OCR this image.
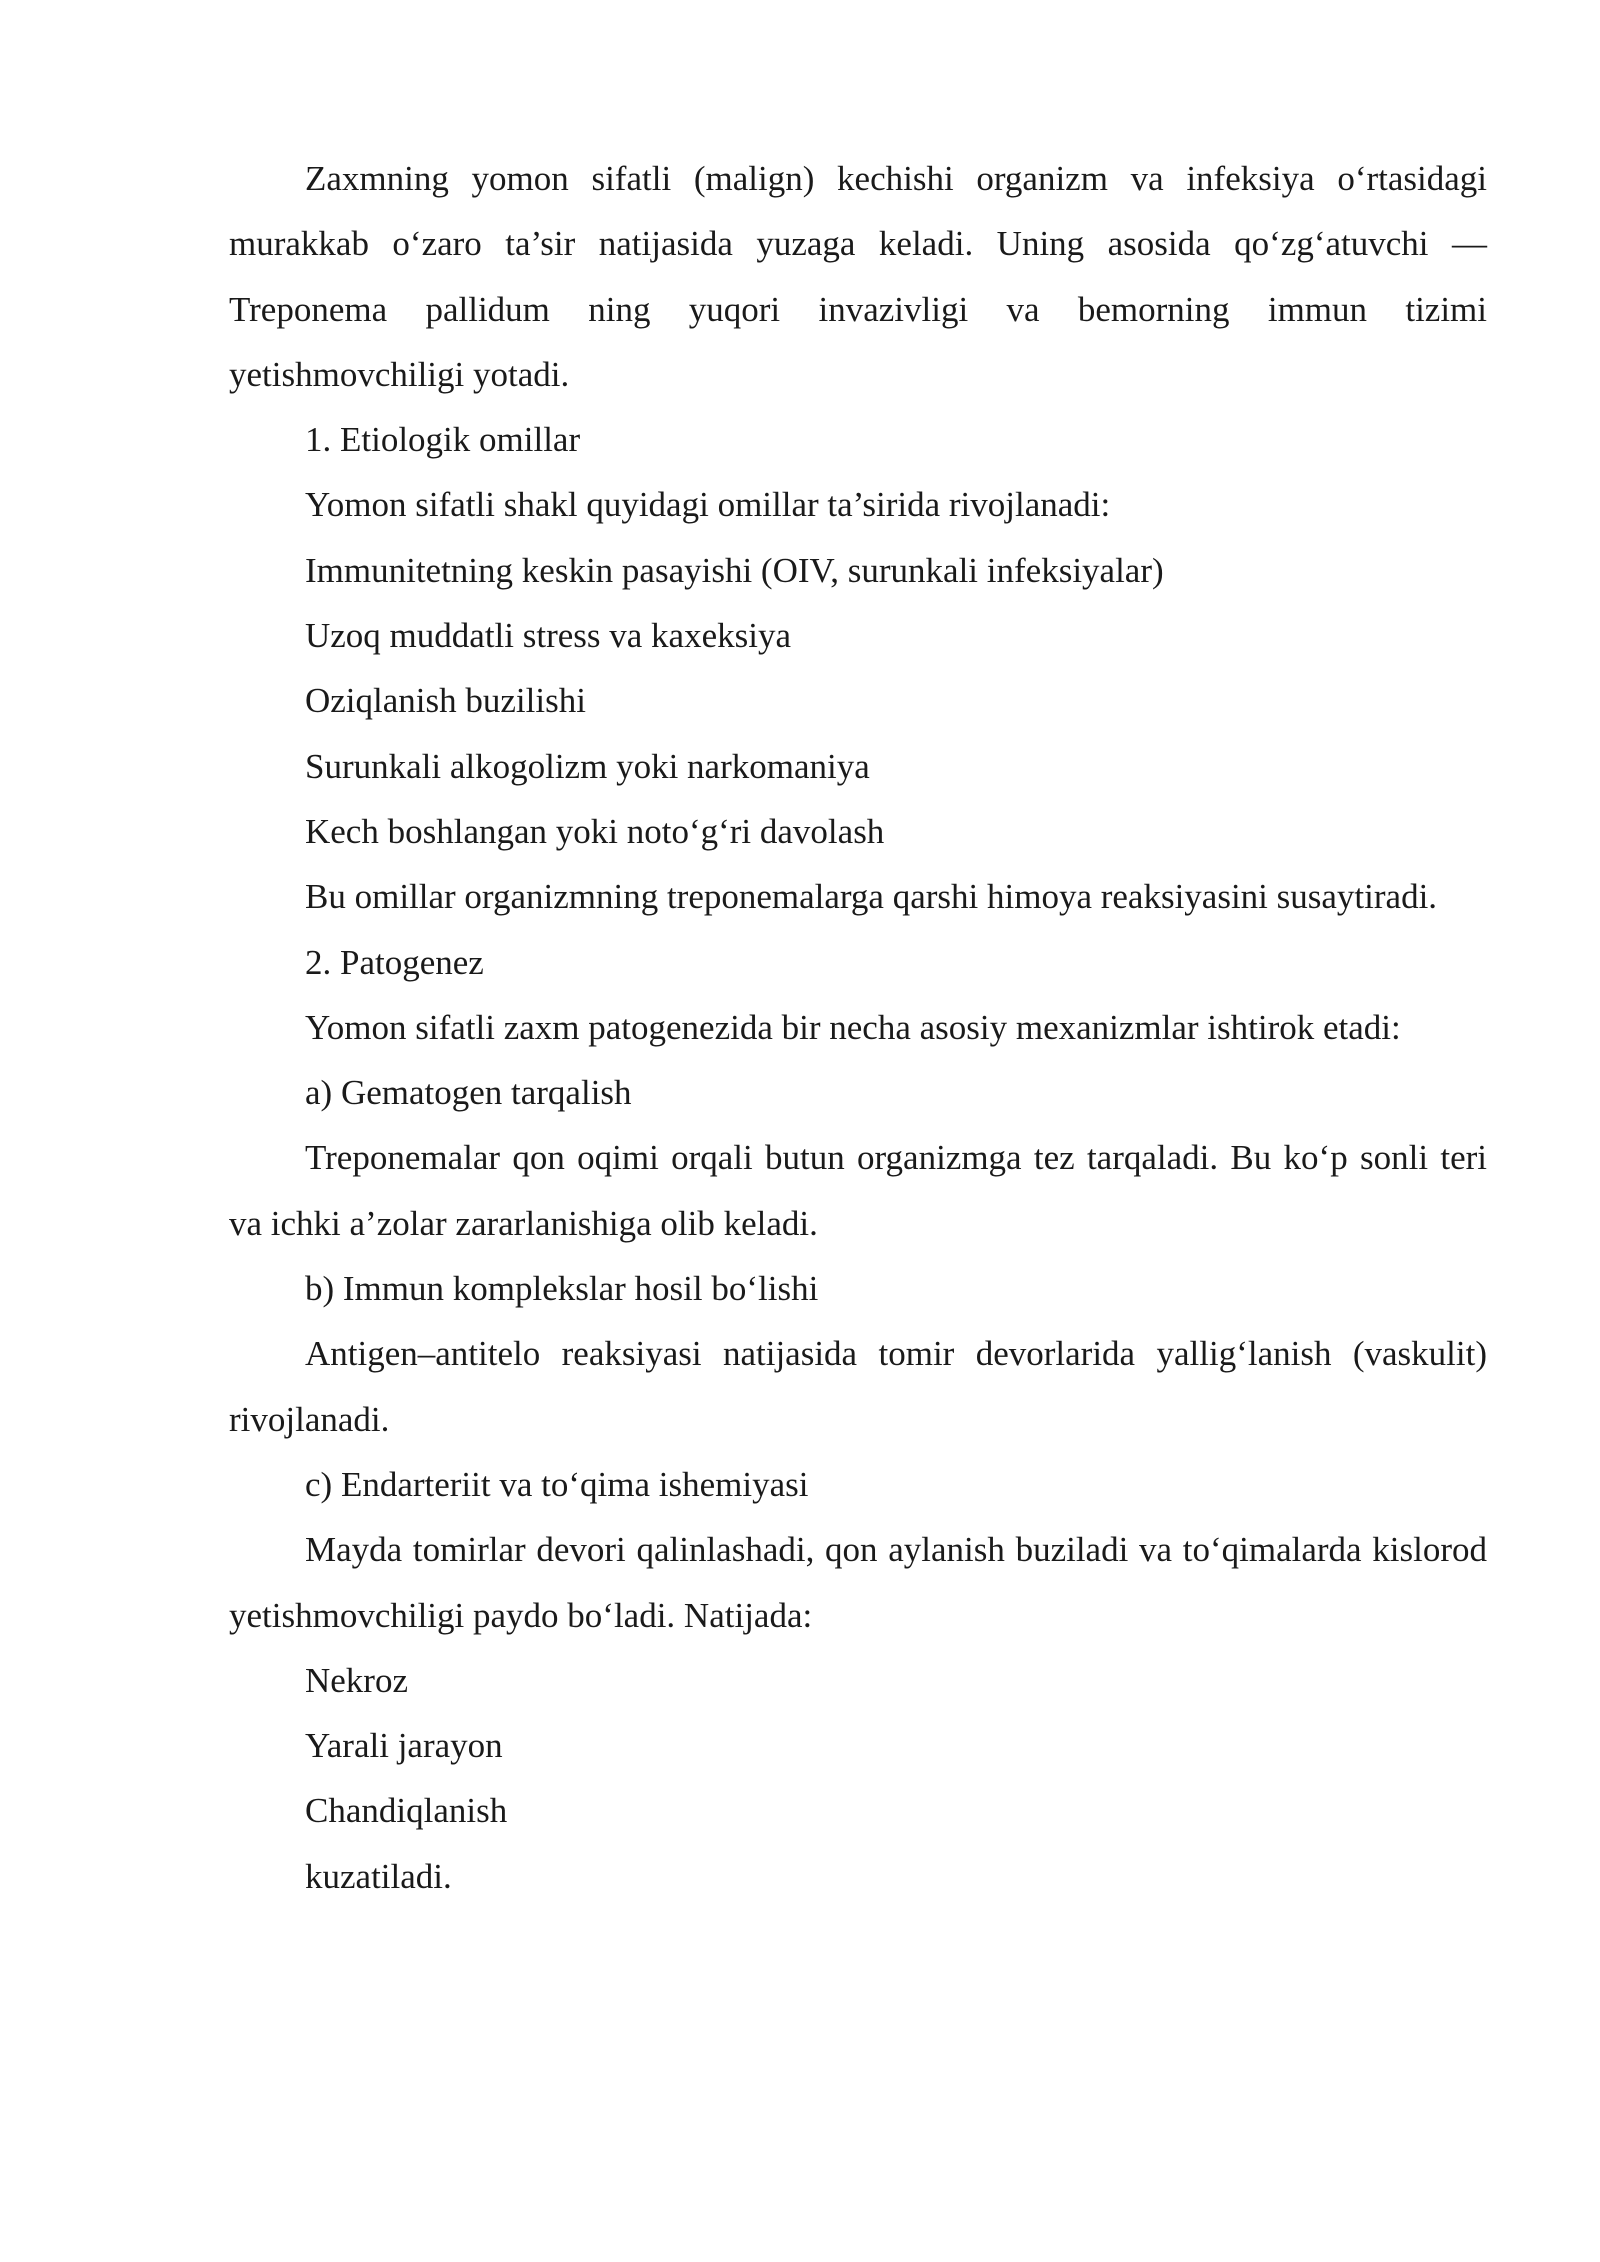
Zaxmning yomon sifatli (malign) kechishi organizm va infeksiya o‘rtasidagi murakkab o‘zaro ta’sir natijasida yuzaga keladi. Uning asosida qo‘zg‘atuvchi — Treponema pallidum ning yuqori invazivligi va bemorning immun tizimi yetishmovchiligi yotadi.

1. Etiologik omillar

Yomon sifatli shakl quyidagi omillar ta’sirida rivojlanadi:

Immunitetning keskin pasayishi (OIV, surunkali infeksiyalar)

Uzoq muddatli stress va kaxeksiya

Oziqlanish buzilishi

Surunkali alkogolizm yoki narkomaniya

Kech boshlangan yoki noto‘g‘ri davolash

Bu omillar organizmning treponemalarga qarshi himoya reaksiyasini susaytiradi.

2. Patogenez

Yomon sifatli zaxm patogenezida bir necha asosiy mexanizmlar ishtirok etadi:

a) Gematogen tarqalish

Treponemalar qon oqimi orqali butun organizmga tez tarqaladi. Bu ko‘p sonli teri va ichki a’zolar zararlanishiga olib keladi.

b) Immun komplekslar hosil bo‘lishi

Antigen–antitelo reaksiyasi natijasida tomir devorlarida yallig‘lanish (vaskulit) rivojlanadi.

c) Endarteriit va to‘qima ishemiyasi

Mayda tomirlar devori qalinlashadi, qon aylanish buziladi va to‘qimalarda kislorod yetishmovchiligi paydo bo‘ladi. Natijada:

Nekroz

Yarali jarayon

Chandiqlanish

kuzatiladi.
